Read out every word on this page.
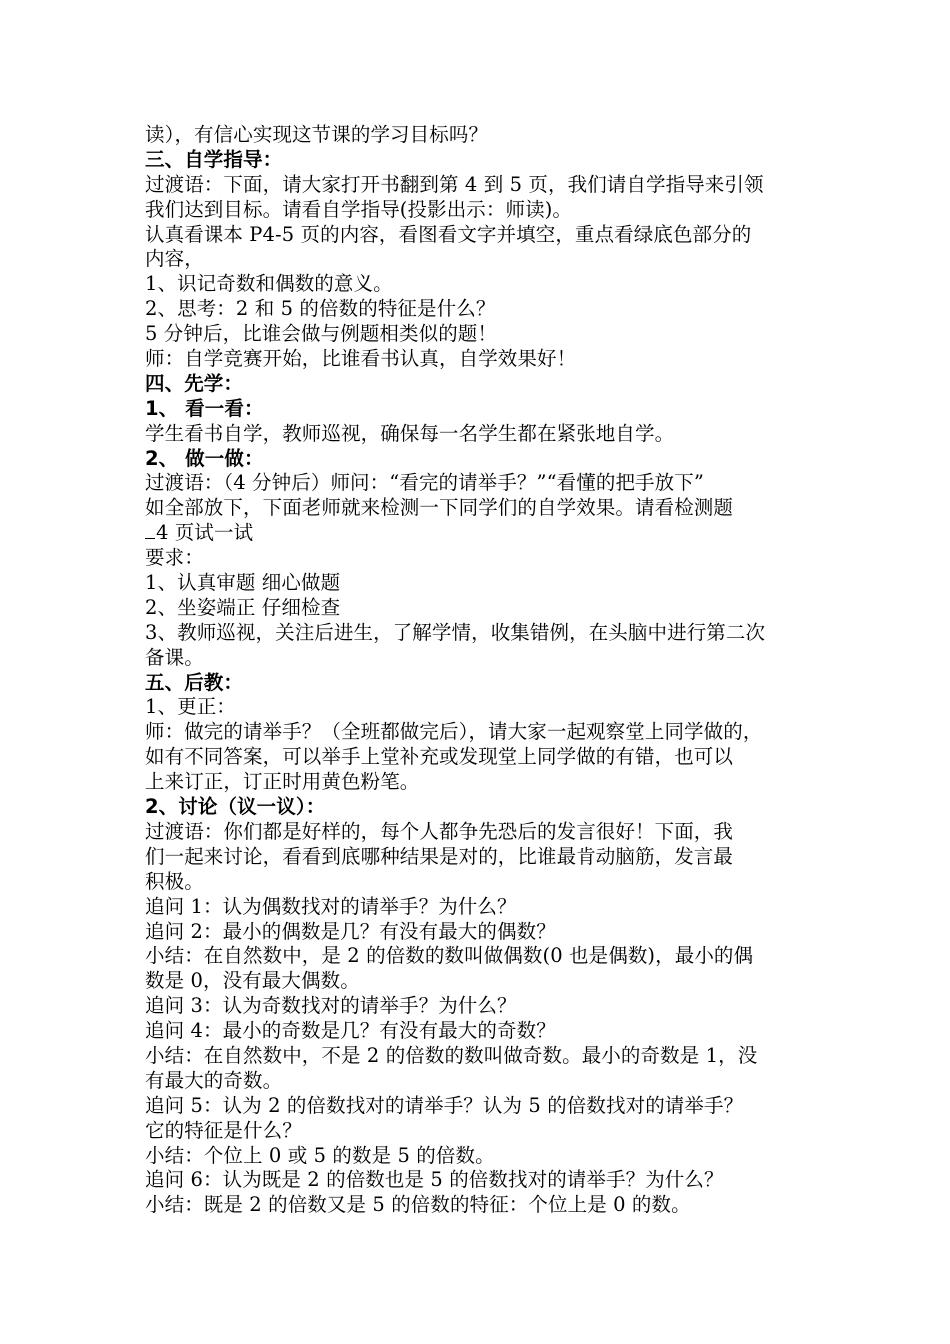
读），有信心实现这节课的学习目标吗？
三、自学指导：
过渡语：下面，请大家打开书翻到第 4 到 5 页，我们请自学指导来引领
我们达到目标。请看自学指导(投影出示：师读)。
认真看课本 P4-5 页的内容，看图看文字并填空，重点看绿底色部分的
内容，
1、识记奇数和偶数的意义。
2、思考：2 和 5 的倍数的特征是什么？
5 分钟后，比谁会做与例题相类似的题！
师：自学竞赛开始，比谁看书认真，自学效果好！
四、先学：
1、 看一看：
学生看书自学，教师巡视，确保每一名学生都在紧张地自学。
2、 做一做：
过渡语：（4 分钟后）师问：“看完的请举手？”“看懂的把手放下”
如全部放下，下面老师就来检测一下同学们的自学效果。请看检测题
4 页试一试
要求：
1、认真审题 细心做题
2、坐姿端正 仔细检查
3、教师巡视，关注后进生，了解学情，收集错例，在头脑中进行第二次
备课。
五、后教：
1、更正：
师：做完的请举手？（全班都做完后），请大家一起观察堂上同学做的，
如有不同答案，可以举手上堂补充或发现堂上同学做的有错，也可以
上来订正，订正时用黄色粉笔。
2、讨论（议一议）：
过渡语：你们都是好样的，每个人都争先恐后的发言很好！下面，我
们一起来讨论，看看到底哪种结果是对的，比谁最肯动脑筋，发言最
积极。
追问 1：认为偶数找对的请举手？为什么？
追问 2：最小的偶数是几？有没有最大的偶数？
小结：在自然数中，是 2 的倍数的数叫做偶数(0 也是偶数)，最小的偶
数是 0，没有最大偶数。
追问 3：认为奇数找对的请举手？为什么？
追问 4：最小的奇数是几？有没有最大的奇数？
小结：在自然数中，不是 2 的倍数的数叫做奇数。最小的奇数是 1，没
有最大的奇数。
追问 5：认为 2 的倍数找对的请举手？认为 5 的倍数找对的请举手？
它的特征是什么？
小结：个位上 0 或 5 的数是 5 的倍数。
追问 6：认为既是 2 的倍数也是 5 的倍数找对的请举手？为什么？
小结：既是 2 的倍数又是 5 的倍数的特征：个位上是 0 的数。
